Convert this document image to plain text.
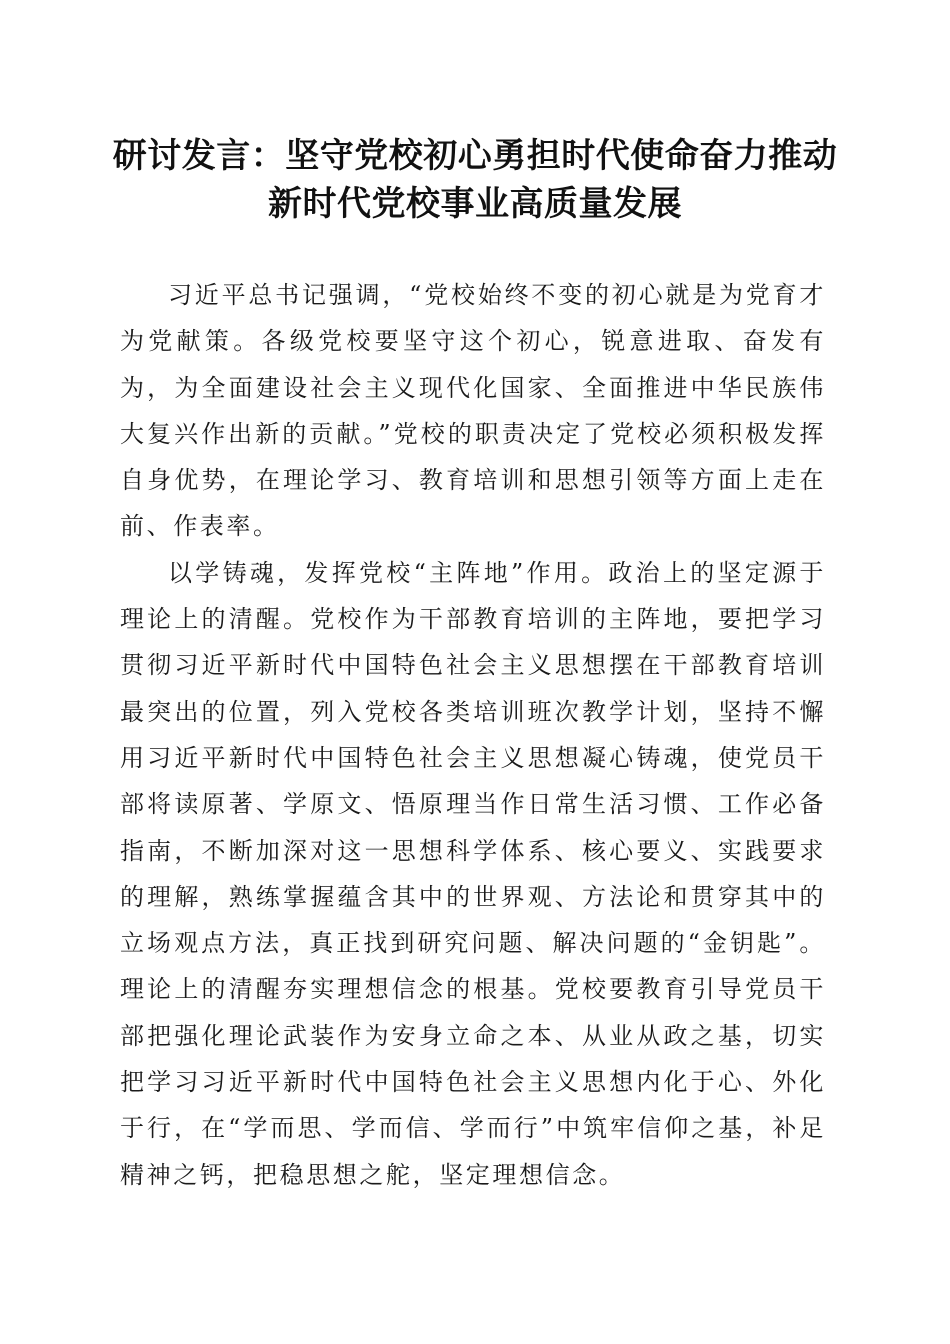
研讨发言：坚守党校初心勇担时代使命奋力推动新时代党校事业高质量发展

习近平总书记强调，“党校始终不变的初心就是为党育才为党献策。各级党校要坚守这个初心，锐意进取、奋发有为，为全面建设社会主义现代化国家、全面推进中华民族伟大复兴作出新的贡献。”党校的职责决定了党校必须积极发挥自身优势，在理论学习、教育培训和思想引领等方面上走在前、作表率。

以学铸魂，发挥党校“主阵地”作用。政治上的坚定源于理论上的清醒。党校作为干部教育培训的主阵地，要把学习贯彻习近平新时代中国特色社会主义思想摆在干部教育培训最突出的位置，列入党校各类培训班次教学计划，坚持不懈用习近平新时代中国特色社会主义思想凝心铸魂，使党员干部将读原著、学原文、悟原理当作日常生活习惯、工作必备指南，不断加深对这一思想科学体系、核心要义、实践要求的理解，熟练掌握蕴含其中的世界观、方法论和贯穿其中的立场观点方法，真正找到研究问题、解决问题的“金钥匙”。理论上的清醒夯实理想信念的根基。党校要教育引导党员干部把强化理论武装作为安身立命之本、从业从政之基，切实把学习习近平新时代中国特色社会主义思想内化于心、外化于行，在“学而思、学而信、学而行”中筑牢信仰之基，补足精神之钙，把稳思想之舵，坚定理想信念。
